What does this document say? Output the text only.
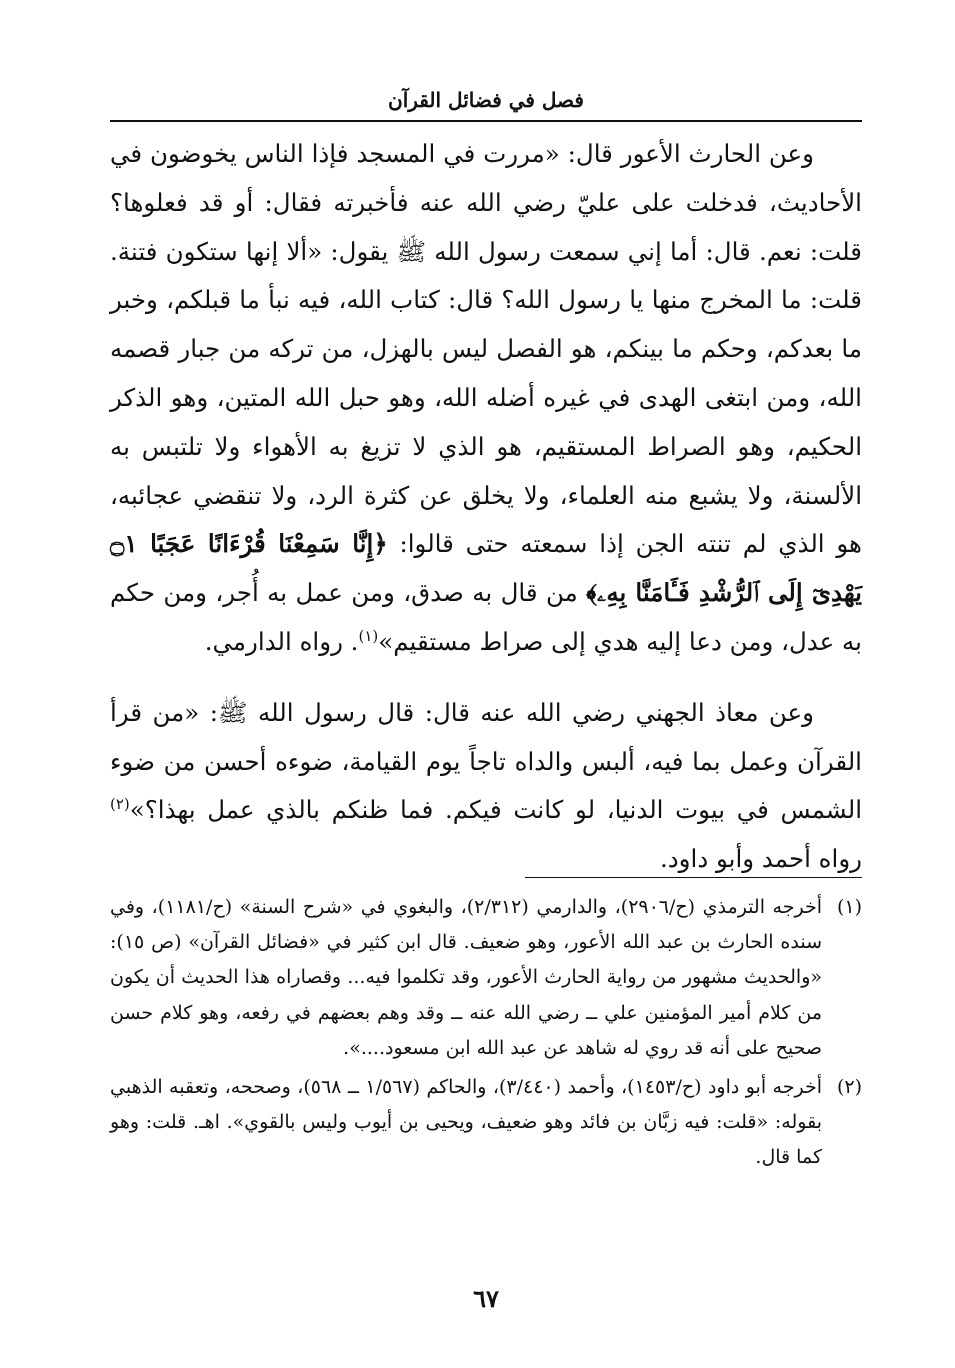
فصل في فضائل القرآن

وعن الحارث الأعور قال: «مررت في المسجد فإذا الناس يخوضون في الأحاديث، فدخلت على عليّ رضي الله عنه فأخبرته فقال: أو قد فعلوها؟ قلت: نعم. قال: أما إني سمعت رسول الله ﷺ يقول: «ألا إنها ستكون فتنة. قلت: ما المخرج منها يا رسول الله؟ قال: كتاب الله، فيه نبأ ما قبلكم، وخبر ما بعدكم، وحكم ما بينكم، هو الفصل ليس بالهزل، من تركه من جبار قصمه الله، ومن ابتغى الهدى في غيره أضله الله، وهو حبل الله المتين، وهو الذكر الحكيم، وهو الصراط المستقيم، هو الذي لا تزيغ به الأهواء ولا تلتبس به الألسنة، ولا يشبع منه العلماء، ولا يخلق عن كثرة الرد، ولا تنقضي عجائبه، هو الذي لم تنته الجن إذا سمعته حتى قالوا: ﴿إِنَّا سَمِعْنَا قُرْءَانًا عَجَبًا ۝١ يَهْدِىٓ إِلَى ٱلرُّشْدِ فَـَٔامَنَّا بِهِۦ﴾ من قال به صدق، ومن عمل به أُجر، ومن حكم به عدل، ومن دعا إليه هدي إلى صراط مستقيم»$^{(١)}$. رواه الدارمي.

وعن معاذ الجهني رضي الله عنه قال: قال رسول الله ﷺ: «من قرأ القرآن وعمل بما فيه، ألبس والداه تاجاً يوم القيامة، ضوءه أحسن من ضوء الشمس في بيوت الدنيا، لو كانت فيكم. فما ظنكم بالذي عمل بهذا؟»$^{(٢)}$ رواه أحمد وأبو داود.

(١)
أخرجه الترمذي (ح/٢٩٠٦)، والدارمي (٢/٣١٢)، والبغوي في «شرح السنة» (ح/١١٨١)، وفي سنده الحارث بن عبد الله الأعور، وهو ضعيف. قال ابن كثير في «فضائل القرآن» (ص ١٥): «والحديث مشهور من رواية الحارث الأعور، وقد تكلموا فيه... وقصاراه هذا الحديث أن يكون من كلام أمير المؤمنين علي ــ رضي الله عنه ــ وقد وهم بعضهم في رفعه، وهو كلام حسن صحيح على أنه قد روي له شاهد عن عبد الله ابن مسعود....».
(٢)
أخرجه أبو داود (ح/١٤٥٣)، وأحمد (٣/٤٤٠)، والحاكم (١/٥٦٧ ــ ٥٦٨)، وصححه، وتعقبه الذهبي بقوله: «قلت: فيه زبَّان بن فائد وهو ضعيف، ويحيى بن أيوب وليس بالقوي». اهـ. قلت: وهو كما قال.
٦٧
